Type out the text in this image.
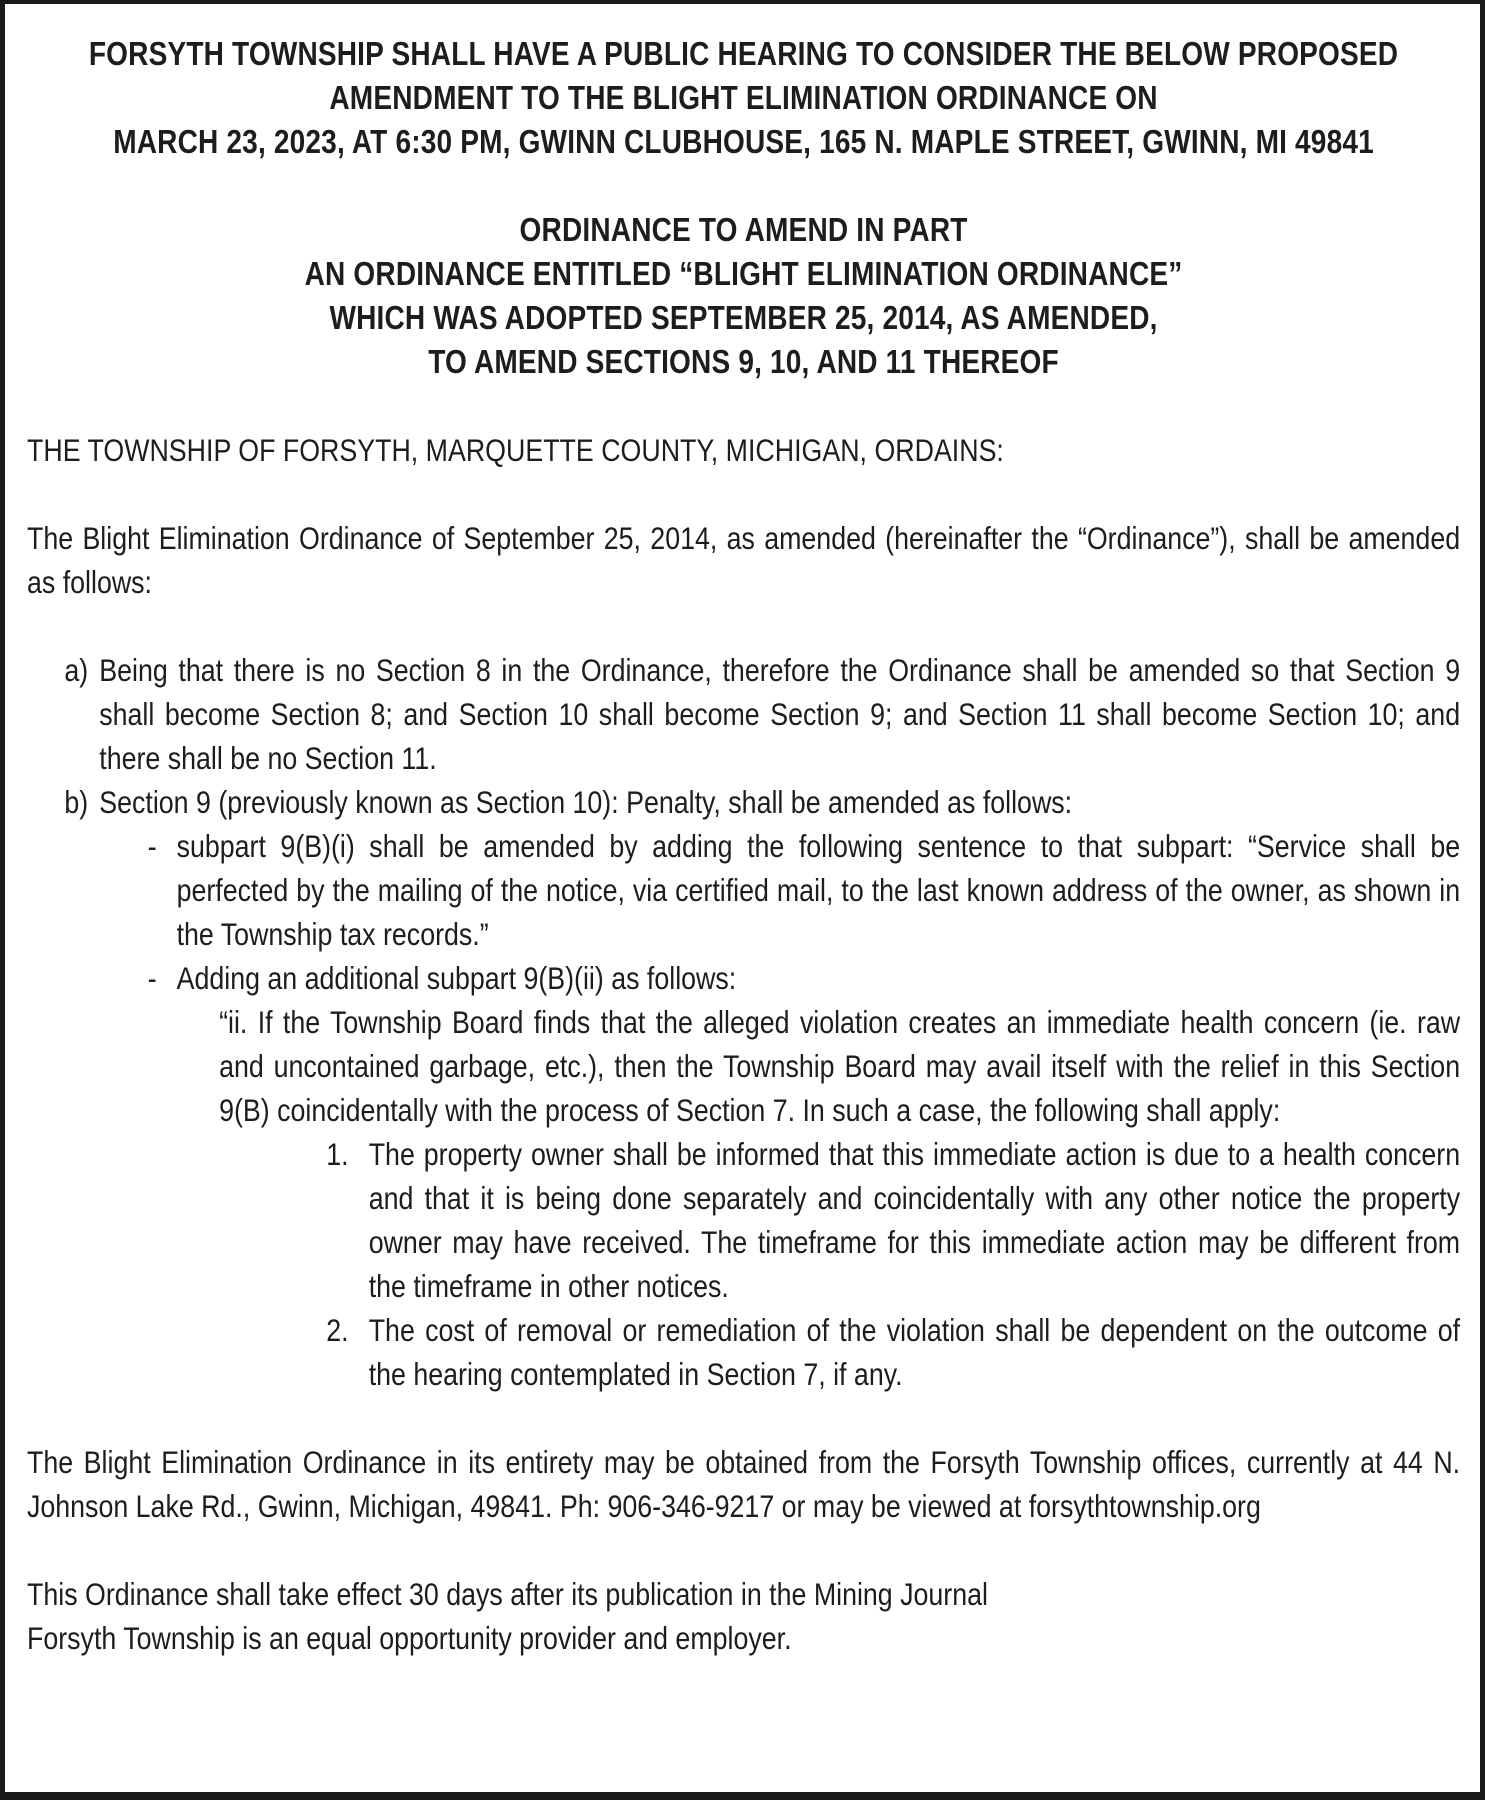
FORSYTH TOWNSHIP SHALL HAVE A PUBLIC HEARING TO CONSIDER THE BELOW PROPOSED
AMENDMENT TO THE BLIGHT ELIMINATION ORDINANCE ON
MARCH 23, 2023, AT 6:30 PM, GWINN CLUBHOUSE, 165 N. MAPLE STREET, GWINN, MI 49841
ORDINANCE TO AMEND IN PART
AN ORDINANCE ENTITLED “BLIGHT ELIMINATION ORDINANCE”
WHICH WAS ADOPTED SEPTEMBER 25, 2014, AS AMENDED,
TO AMEND SECTIONS 9, 10, AND 11 THEREOF
THE TOWNSHIP OF FORSYTH, MARQUETTE COUNTY, MICHIGAN, ORDAINS:
The Blight Elimination Ordinance of September 25, 2014, as amended (hereinafter the “Ordinance”), shall be amended as follows:
a) Being that there is no Section 8 in the Ordinance, therefore the Ordinance shall be amended so that Section 9 shall become Section 8; and Section 10 shall become Section 9; and Section 11 shall become Section 10; and there shall be no Section 11.
b) Section 9 (previously known as Section 10): Penalty, shall be amended as follows:
- subpart 9(B)(i) shall be amended by adding the following sentence to that subpart: “Service shall be perfected by the mailing of the notice, via certified mail, to the last known address of the owner, as shown in the Township tax records.”
- Adding an additional subpart 9(B)(ii) as follows:
“ii. If the Township Board finds that the alleged violation creates an immediate health concern (ie. raw and uncontained garbage, etc.), then the Township Board may avail itself with the relief in this Section 9(B) coincidentally with the process of Section 7. In such a case, the following shall apply:
1. The property owner shall be informed that this immediate action is due to a health concern and that it is being done separately and coincidentally with any other notice the property owner may have received. The timeframe for this immediate action may be different from the timeframe in other notices.
2. The cost of removal or remediation of the violation shall be dependent on the outcome of the hearing contemplated in Section 7, if any.
The Blight Elimination Ordinance in its entirety may be obtained from the Forsyth Township offices, currently at 44 N. Johnson Lake Rd., Gwinn, Michigan, 49841. Ph: 906-346-9217 or may be viewed at forsythtownship.org
This Ordinance shall take effect 30 days after its publication in the Mining Journal
Forsyth Township is an equal opportunity provider and employer.
